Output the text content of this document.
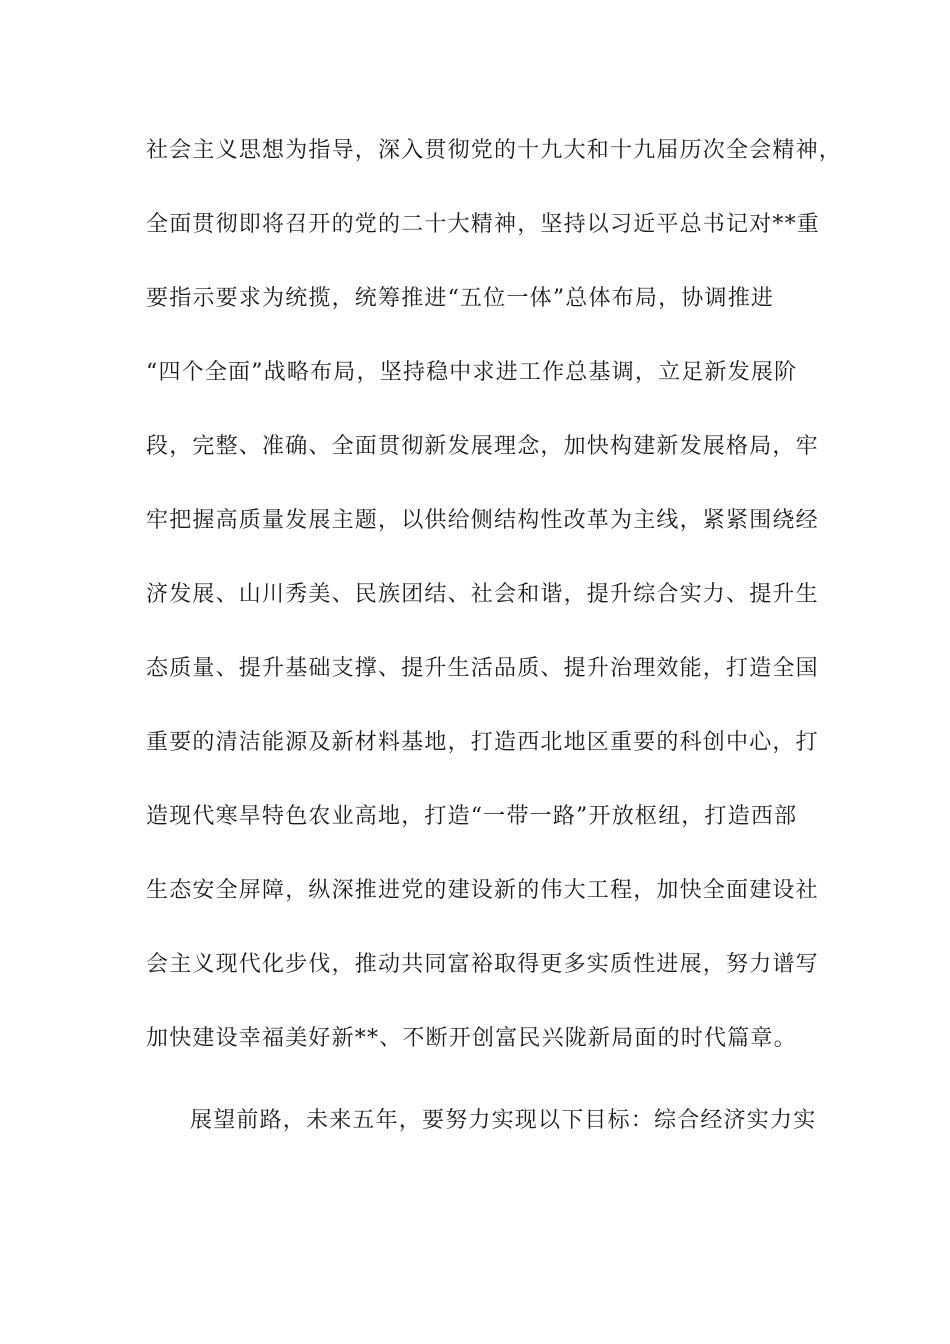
社会主义思想为指导，深入贯彻党的十九大和十九届历次全会精神，
全面贯彻即将召开的党的二十大精神，坚持以习近平总书记对**重
要指示要求为统揽，统筹推进“五位一体”总体布局，协调推进
“四个全面”战略布局，坚持稳中求进工作总基调，立足新发展阶
段，完整、准确、全面贯彻新发展理念，加快构建新发展格局，牢
牢把握高质量发展主题，以供给侧结构性改革为主线，紧紧围绕经
济发展、山川秀美、民族团结、社会和谐，提升综合实力、提升生
态质量、提升基础支撑、提升生活品质、提升治理效能，打造全国
重要的清洁能源及新材料基地，打造西北地区重要的科创中心，打
造现代寒旱特色农业高地，打造“一带一路”开放枢纽，打造西部
生态安全屏障，纵深推进党的建设新的伟大工程，加快全面建设社
会主义现代化步伐，推动共同富裕取得更多实质性进展，努力谱写
加快建设幸福美好新**、不断开创富民兴陇新局面的时代篇章。
展望前路，未来五年，要努力实现以下目标：综合经济实力实
